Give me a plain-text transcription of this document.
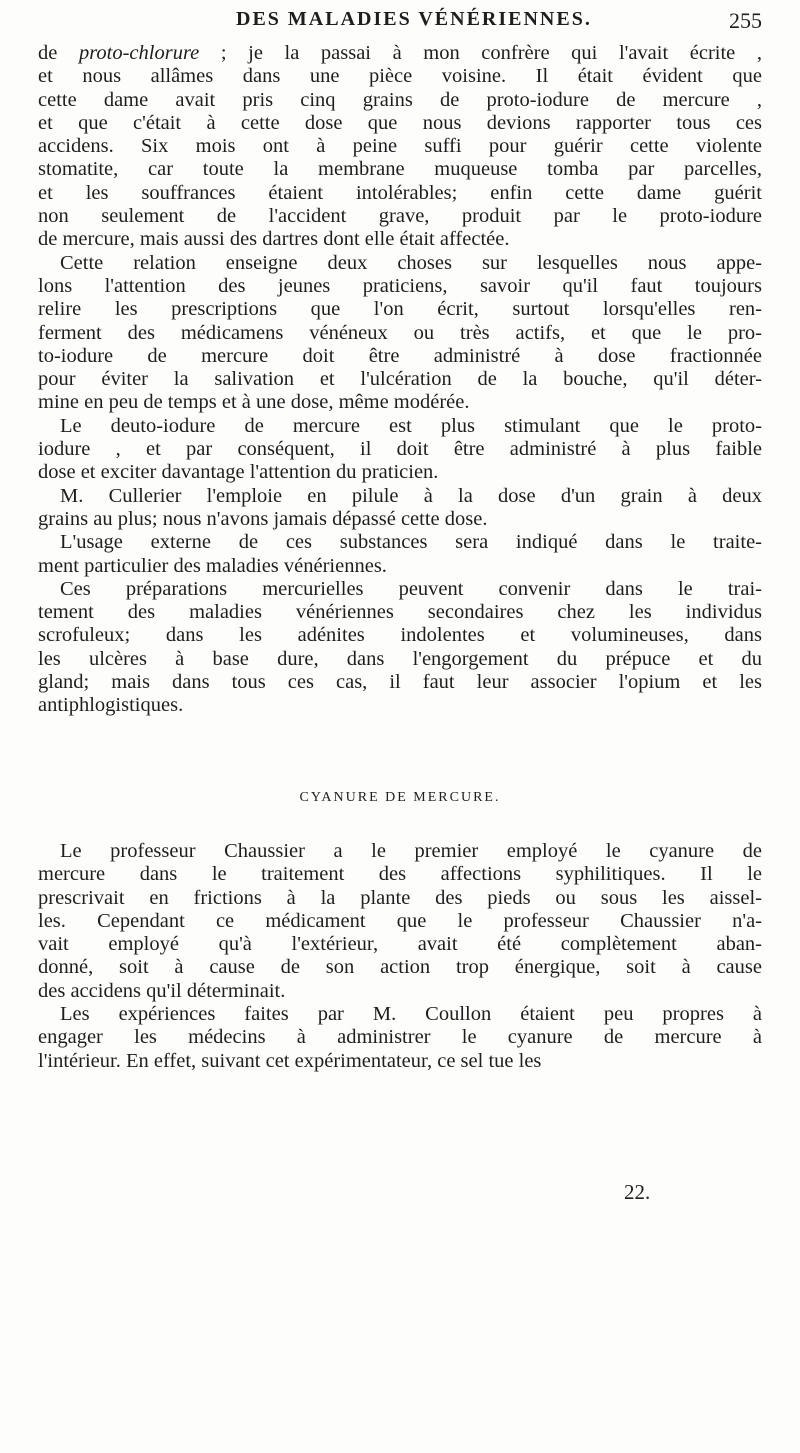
DES MALADIES VÉNÉRIENNES.	255
de proto-chlorure ; je la passai à mon confrère qui l'avait écrite ,
et nous allâmes dans une pièce voisine. Il était évident que
cette dame avait pris cinq grains de proto-iodure de mercure ,
et que c'était à cette dose que nous devions rapporter tous ces
accidens. Six mois ont à peine suffi pour guérir cette violente
stomatite, car toute la membrane muqueuse tomba par parcelles,
et les souffrances étaient intolérables; enfin cette dame guérit
non seulement de l'accident grave, produit par le proto-iodure
de mercure, mais aussi des dartres dont elle était affectée.
Cette relation enseigne deux choses sur lesquelles nous appe-
lons l'attention des jeunes praticiens, savoir qu'il faut toujours
relire les prescriptions que l'on écrit, surtout lorsqu'elles ren-
ferment des médicamens vénéneux ou très actifs, et que le pro-
to-iodure de mercure doit être administré à dose fractionnée
pour éviter la salivation et l'ulcération de la bouche, qu'il déter-
mine en peu de temps et à une dose, même modérée.
Le deuto-iodure de mercure est plus stimulant que le proto-
iodure , et par conséquent, il doit être administré à plus faible
dose et exciter davantage l'attention du praticien.
M. Cullerier l'emploie en pilule à la dose d'un grain à deux
grains au plus; nous n'avons jamais dépassé cette dose.
L'usage externe de ces substances sera indiqué dans le traite-
ment particulier des maladies vénériennes.
Ces préparations mercurielles peuvent convenir dans le trai-
tement des maladies vénériennes secondaires chez les individus
scrofuleux; dans les adénites indolentes et volumineuses, dans
les ulcères à base dure, dans l'engorgement du prépuce et du
gland; mais dans tous ces cas, il faut leur associer l'opium et les
antiphlogistiques.
CYANURE DE MERCURE.
Le professeur Chaussier a le premier employé le cyanure de
mercure dans le traitement des affections syphilitiques. Il le
prescrivait en frictions à la plante des pieds ou sous les aissel-
les. Cependant ce médicament que le professeur Chaussier n'a-
vait employé qu'à l'extérieur, avait été complètement aban-
donné, soit à cause de son action trop énergique, soit à cause
des accidens qu'il déterminait.
Les expériences faites par M. Coullon étaient peu propres à
engager les médecins à administrer le cyanure de mercure à
l'intérieur. En effet, suivant cet expérimentateur, ce sel tue les
22.
